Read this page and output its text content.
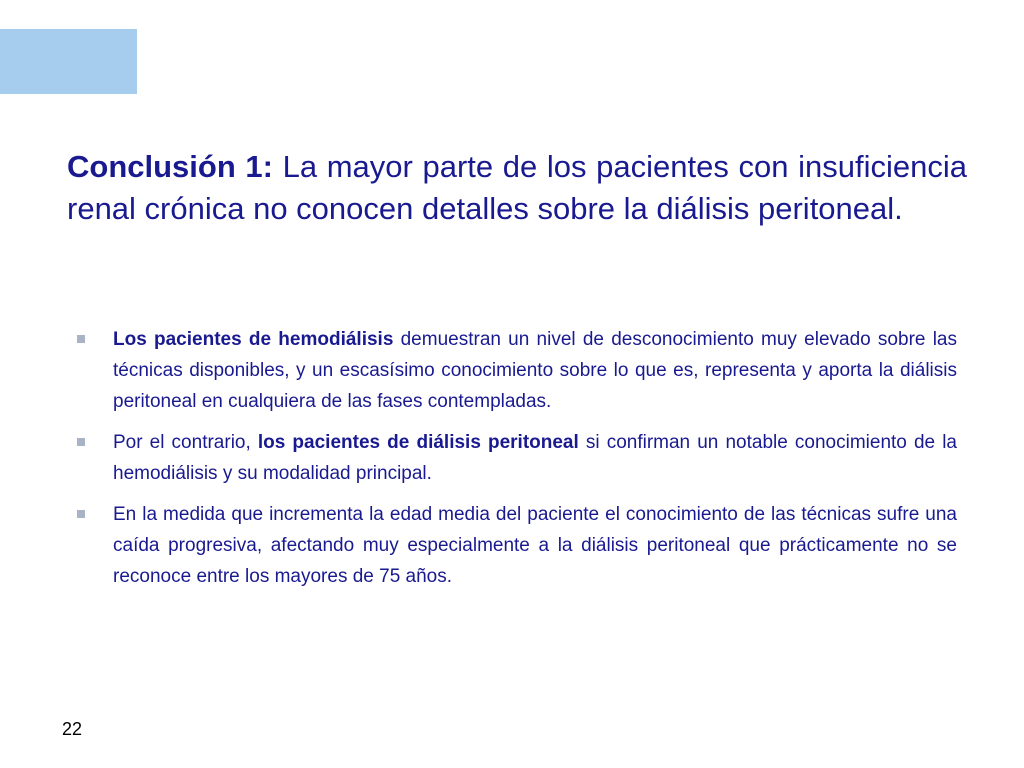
Conclusión 1: La mayor parte de los pacientes con insuficiencia renal crónica no conocen detalles sobre la diálisis peritoneal.

Los pacientes de hemodiálisis demuestran un nivel de desconocimiento muy elevado sobre las técnicas disponibles, y un escasísimo conocimiento sobre lo que es, representa y aporta la diálisis peritoneal en cualquiera de las fases contempladas.
Por el contrario, los pacientes de diálisis peritoneal si confirman un notable conocimiento de la hemodiálisis y su modalidad principal.
En la medida que incrementa la edad media del paciente el conocimiento de las técnicas sufre una caída progresiva, afectando muy especialmente a la diálisis peritoneal que prácticamente no se reconoce entre los mayores de 75 años.
22
